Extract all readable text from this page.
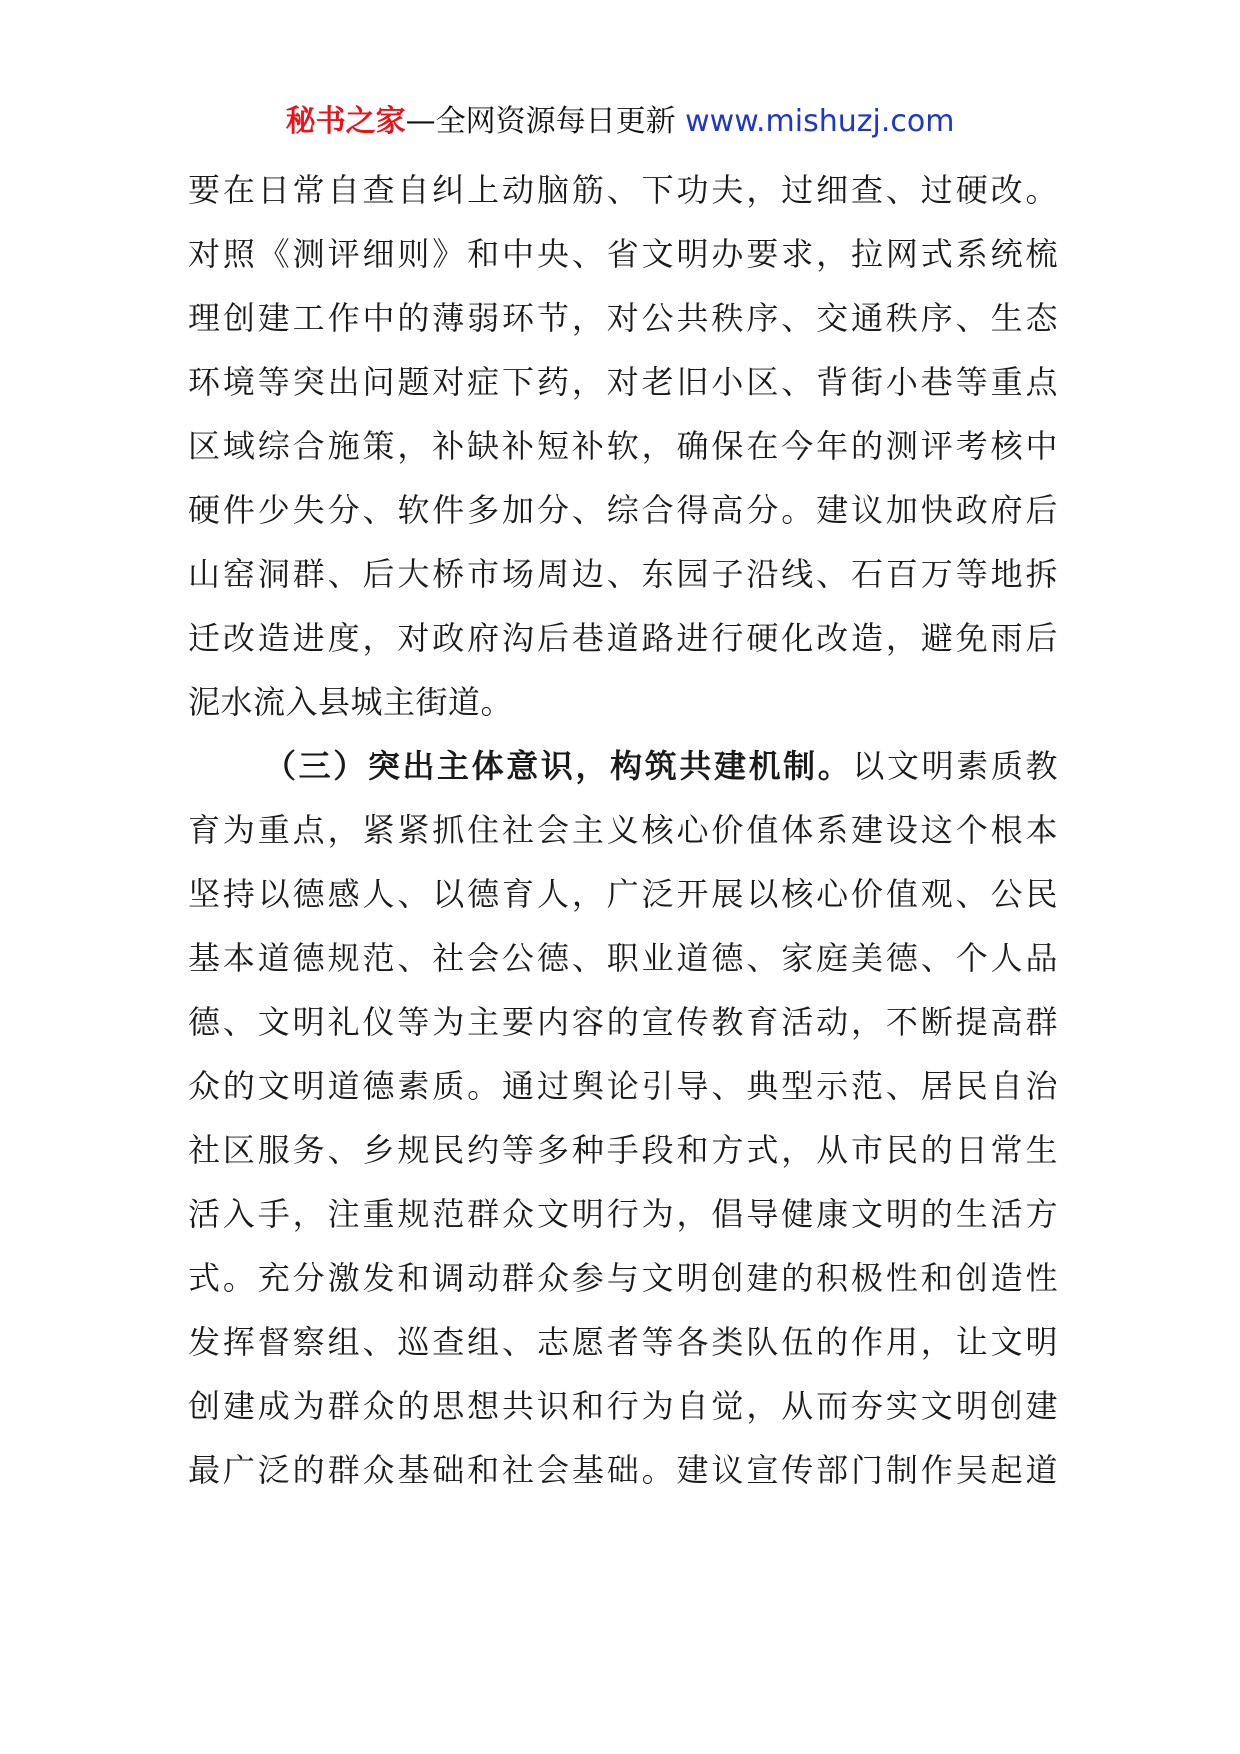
秘书之家—全网资源每日更新 www.mishuzj.com
要在日常自查自纠上动脑筋、下功夫，过细查、过硬改。
对照《测评细则》和中央、省文明办要求，拉网式系统梳
理创建工作中的薄弱环节，对公共秩序、交通秩序、生态
环境等突出问题对症下药，对老旧小区、背街小巷等重点
区域综合施策，补缺补短补软，确保在今年的测评考核中
硬件少失分、软件多加分、综合得高分。建议加快政府后
山窑洞群、后大桥市场周边、东园子沿线、石百万等地拆
迁改造进度，对政府沟后巷道路进行硬化改造，避免雨后
泥水流入县城主街道。
（三）突出主体意识，构筑共建机制。以文明素质教
育为重点，紧紧抓住社会主义核心价值体系建设这个根本
坚持以德感人、以德育人，广泛开展以核心价值观、公民
基本道德规范、社会公德、职业道德、家庭美德、个人品
德、文明礼仪等为主要内容的宣传教育活动，不断提高群
众的文明道德素质。通过舆论引导、典型示范、居民自治
社区服务、乡规民约等多种手段和方式，从市民的日常生
活入手，注重规范群众文明行为，倡导健康文明的生活方
式。充分激发和调动群众参与文明创建的积极性和创造性
发挥督察组、巡查组、志愿者等各类队伍的作用，让文明
创建成为群众的思想共识和行为自觉，从而夯实文明创建
最广泛的群众基础和社会基础。建议宣传部门制作吴起道
